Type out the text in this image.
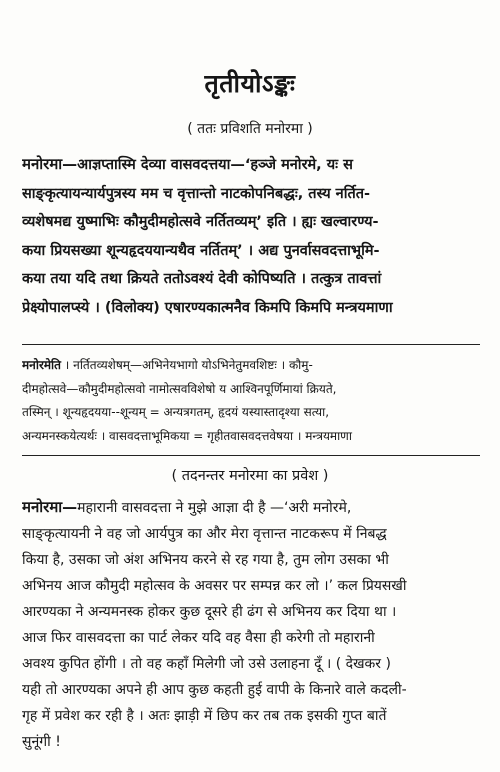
तृतीयोऽङ्कः
( ततः प्रविशति मनोरमा )
मनोरमा—आज्ञप्तास्मि देव्या वासवदत्तया—‘हञ्जे मनोरमे, यः स
साङ्कृत्यायन्यार्यपुत्रस्य मम च वृत्तान्तो नाटकोपनिबद्धः, तस्य नर्तित-
व्यशेषमद्य युष्माभिः कौमुदीमहोत्सवे नर्तितव्यम्’ इति । ह्यः खल्वारण्य-
कया प्रियसख्या शून्यहृदययान्यथैव नर्तितम्’ । अद्य पुनर्वासवदत्ताभूमि-
कया तया यदि तथा क्रियते ततोऽवश्यं देवी कोपिष्यति । तत्कुत्र तावत्तां
प्रेक्ष्योपालप्स्ये । (विलोक्य) एषारण्यकात्मनैव किमपि किमपि मन्त्रयमाणा
मनोरमेति । नर्तितव्यशेषम्—अभिनेयभागो योऽभिनेतुमवशिष्टः । कौमु-
दीमहोत्सवे—कौमुदीमहोत्सवो नामोत्सवविशेषो य आश्विनपूर्णिमायां क्रियते,
तस्मिन् । शून्यहृदयया--शून्यम् = अन्यत्रगतम्, हृदयं यस्यास्तादृश्या सत्या,
अन्यमनस्कयेत्यर्थः । वासवदत्ताभूमिकया = गृहीतवासवदत्तवेषया । मन्त्रयमाणा
( तदनन्तर मनोरमा का प्रवेश )
मनोरमा—महारानी वासवदत्ता ने मुझे आज्ञा दी है —‘अरी मनोरमे,
साङ्कृत्यायनी ने वह जो आर्यपुत्र का और मेरा वृत्तान्त नाटकरूप में निबद्ध
किया है, उसका जो अंश अभिनय करने से रह गया है, तुम लोग उसका भी
अभिनय आज कौमुदी महोत्सव के अवसर पर सम्पन्न कर लो ।’ कल प्रियसखी
आरण्यका ने अन्यमनस्क होकर कुछ दूसरे ही ढंग से अभिनय कर दिया था ।
आज फिर वासवदत्ता का पार्ट लेकर यदि वह वैसा ही करेगी तो महारानी
अवश्य कुपित होंगी । तो वह कहाँ मिलेगी जो उसे उलाहना दूँ । ( देखकर )
यही तो आरण्यका अपने ही आप कुछ कहती हुई वापी के किनारे वाले कदली-
गृह में प्रवेश कर रही है । अतः झाड़ी में छिप कर तब तक इसकी गुप्त बातें
सुनूंगी !
